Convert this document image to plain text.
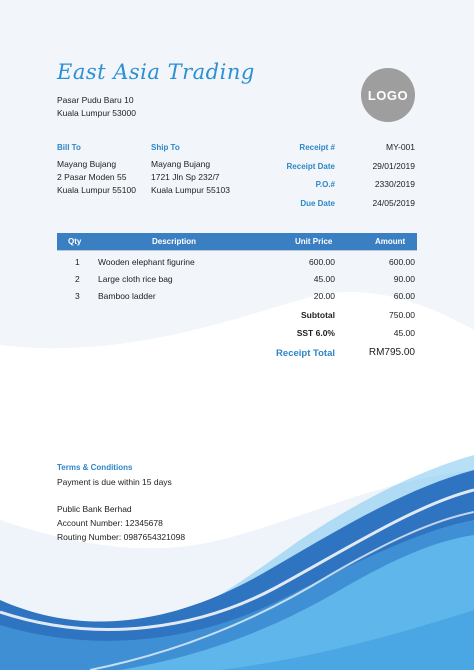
East Asia Trading
Pasar Pudu Baru 10
Kuala Lumpur 53000
LOGO
Bill To
Mayang Bujang
2 Pasar Moden 55
Kuala Lumpur 55100
Ship To
Mayang Bujang
1721 Jln Sp 232/7
Kuala Lumpur 55103
Receipt #	MY-001
Receipt Date	29/01/2019
P.O.#	2330/2019
Due Date	24/05/2019
Qty	Description	Unit Price	Amount
1 Wooden elephant figurine	600.00	600.00
2 Large cloth rice bag	45.00	90.00
3 Bamboo ladder	20.00	60.00
Subtotal	750.00
SST 6.0%	45.00
Receipt Total	RM795.00
Terms & Conditions
Payment is due within 15 days
Public Bank Berhad
Account Number: 12345678
Routing Number: 0987654321098
